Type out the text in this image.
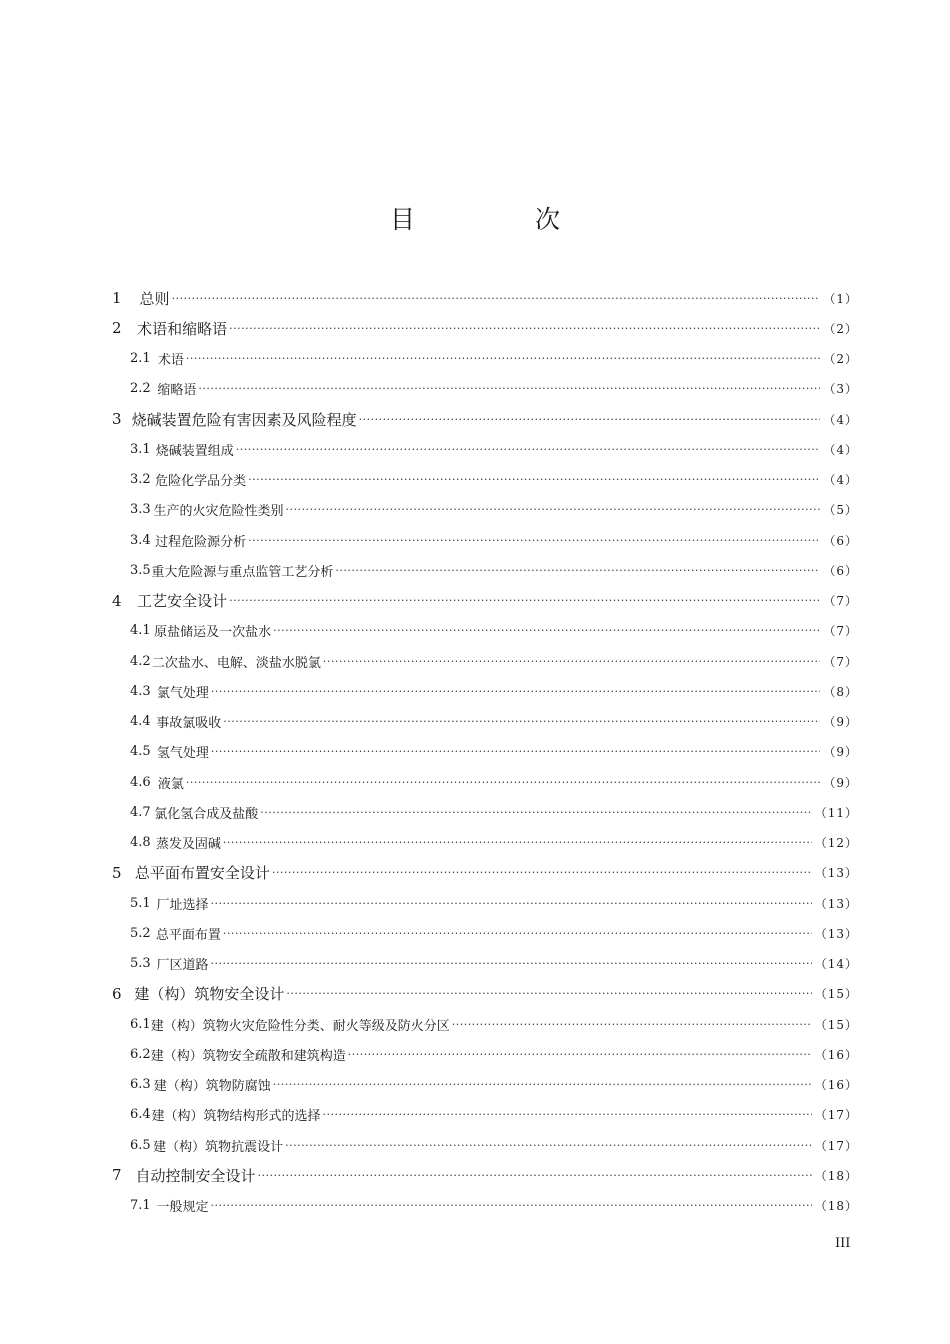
目 次
1	总则 ·····	（1）
2	术语和缩略语 ·····	（2）
2.1 术语 ·····	（2）
2.2 缩略语 ·····	（3）
3 烧碱装置危险有害因素及风险程度 ·····	（4）
3.1 烧碱装置组成 ·····	（4）
3.2 危险化学品分类 ·····	（4）
3.3 生产的火灾危险性类别 ·····	（5）
3.4 过程危险源分析 ·····	（6）
3.5 重大危险源与重点监管工艺分析 ·····	（6）
4	工艺安全设计 ·····	（7）
4.1 原盐储运及一次盐水 ·····	（7）
4.2 二次盐水、电解、淡盐水脱氯 ·····	（7）
4.3 氯气处理 ·····	（8）
4.4 事故氯吸收 ·····	（9）
4.5 氢气处理 ·····	（9）
4.6 液氯 ·····	（9）
4.7 氯化氢合成及盐酸 ·····	（11）
4.8 蒸发及固碱 ·····	（12）
5 总平面布置安全设计 ·····	（13）
5.1 厂址选择 ·····	（13）
5.2 总平面布置 ·····	（13）
5.3 厂区道路 ·····	（14）
6 建（构）筑物安全设计 ·····	（15）
6.1 建（构）筑物火灾危险性分类、耐火等级及防火分区 ·····	（15）
6.2 建（构）筑物安全疏散和建筑构造 ·····	（16）
6.3 建（构）筑物防腐蚀 ·····	（16）
6.4 建（构）筑物结构形式的选择 ·····	（17）
6.5 建（构）筑物抗震设计 ·····	（17）
7 自动控制安全设计 ·····	（18）
7.1 一般规定 ·····	（18）
III
